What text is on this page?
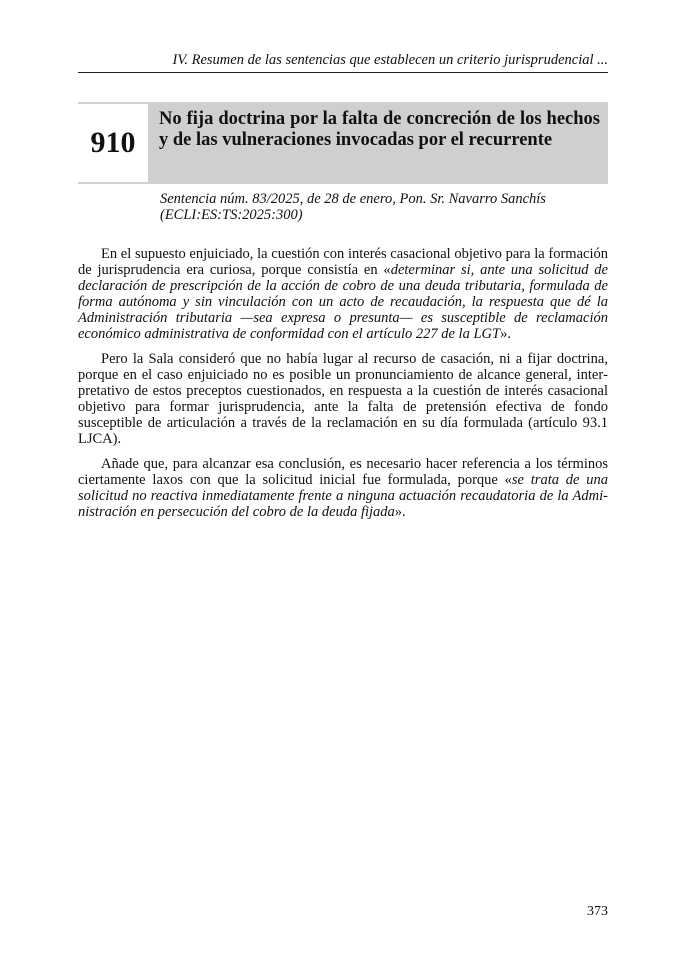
IV. Resumen de las sentencias que establecen un criterio jurisprudencial ...
910

No fija doctrina por la falta de concreción de los hechos y de las vulneraciones invocadas por el recurrente

Sentencia núm. 83/2025, de 28 de enero, Pon. Sr. Navarro Sanchís
(ECLI:ES:TS:2025:300)

En el supuesto enjuiciado, la cuestión con interés casacional objetivo para la formación de jurisprudencia era curiosa, porque consistía en «determinar si, ante una solicitud de declaración de prescripción de la acción de cobro de una deuda tributaria, formulada de forma autónoma y sin vinculación con un acto de recaudación, la respuesta que dé la Administración tributaria —sea expresa o presunta— es susceptible de reclamación económico administrativa de conformidad con el artículo 227 de la LGT».

Pero la Sala consideró que no había lugar al recurso de casación, ni a fijar doctrina, porque en el caso enjuiciado no es posible un pronunciamiento de alcance general, interpretativo de estos preceptos cuestionados, en respuesta a la cuestión de interés casacional objetivo para formar jurisprudencia, ante la falta de pretensión efectiva de fondo susceptible de articulación a través de la reclamación en su día formulada (artículo 93.1 LJCA).

Añade que, para alcanzar esa conclusión, es necesario hacer referencia a los términos ciertamente laxos con que la solicitud inicial fue formulada, porque «se trata de una solicitud no reactiva inmediatamente frente a ninguna actuación recaudatoria de la Administración en persecución del cobro de la deuda fijada».

373
